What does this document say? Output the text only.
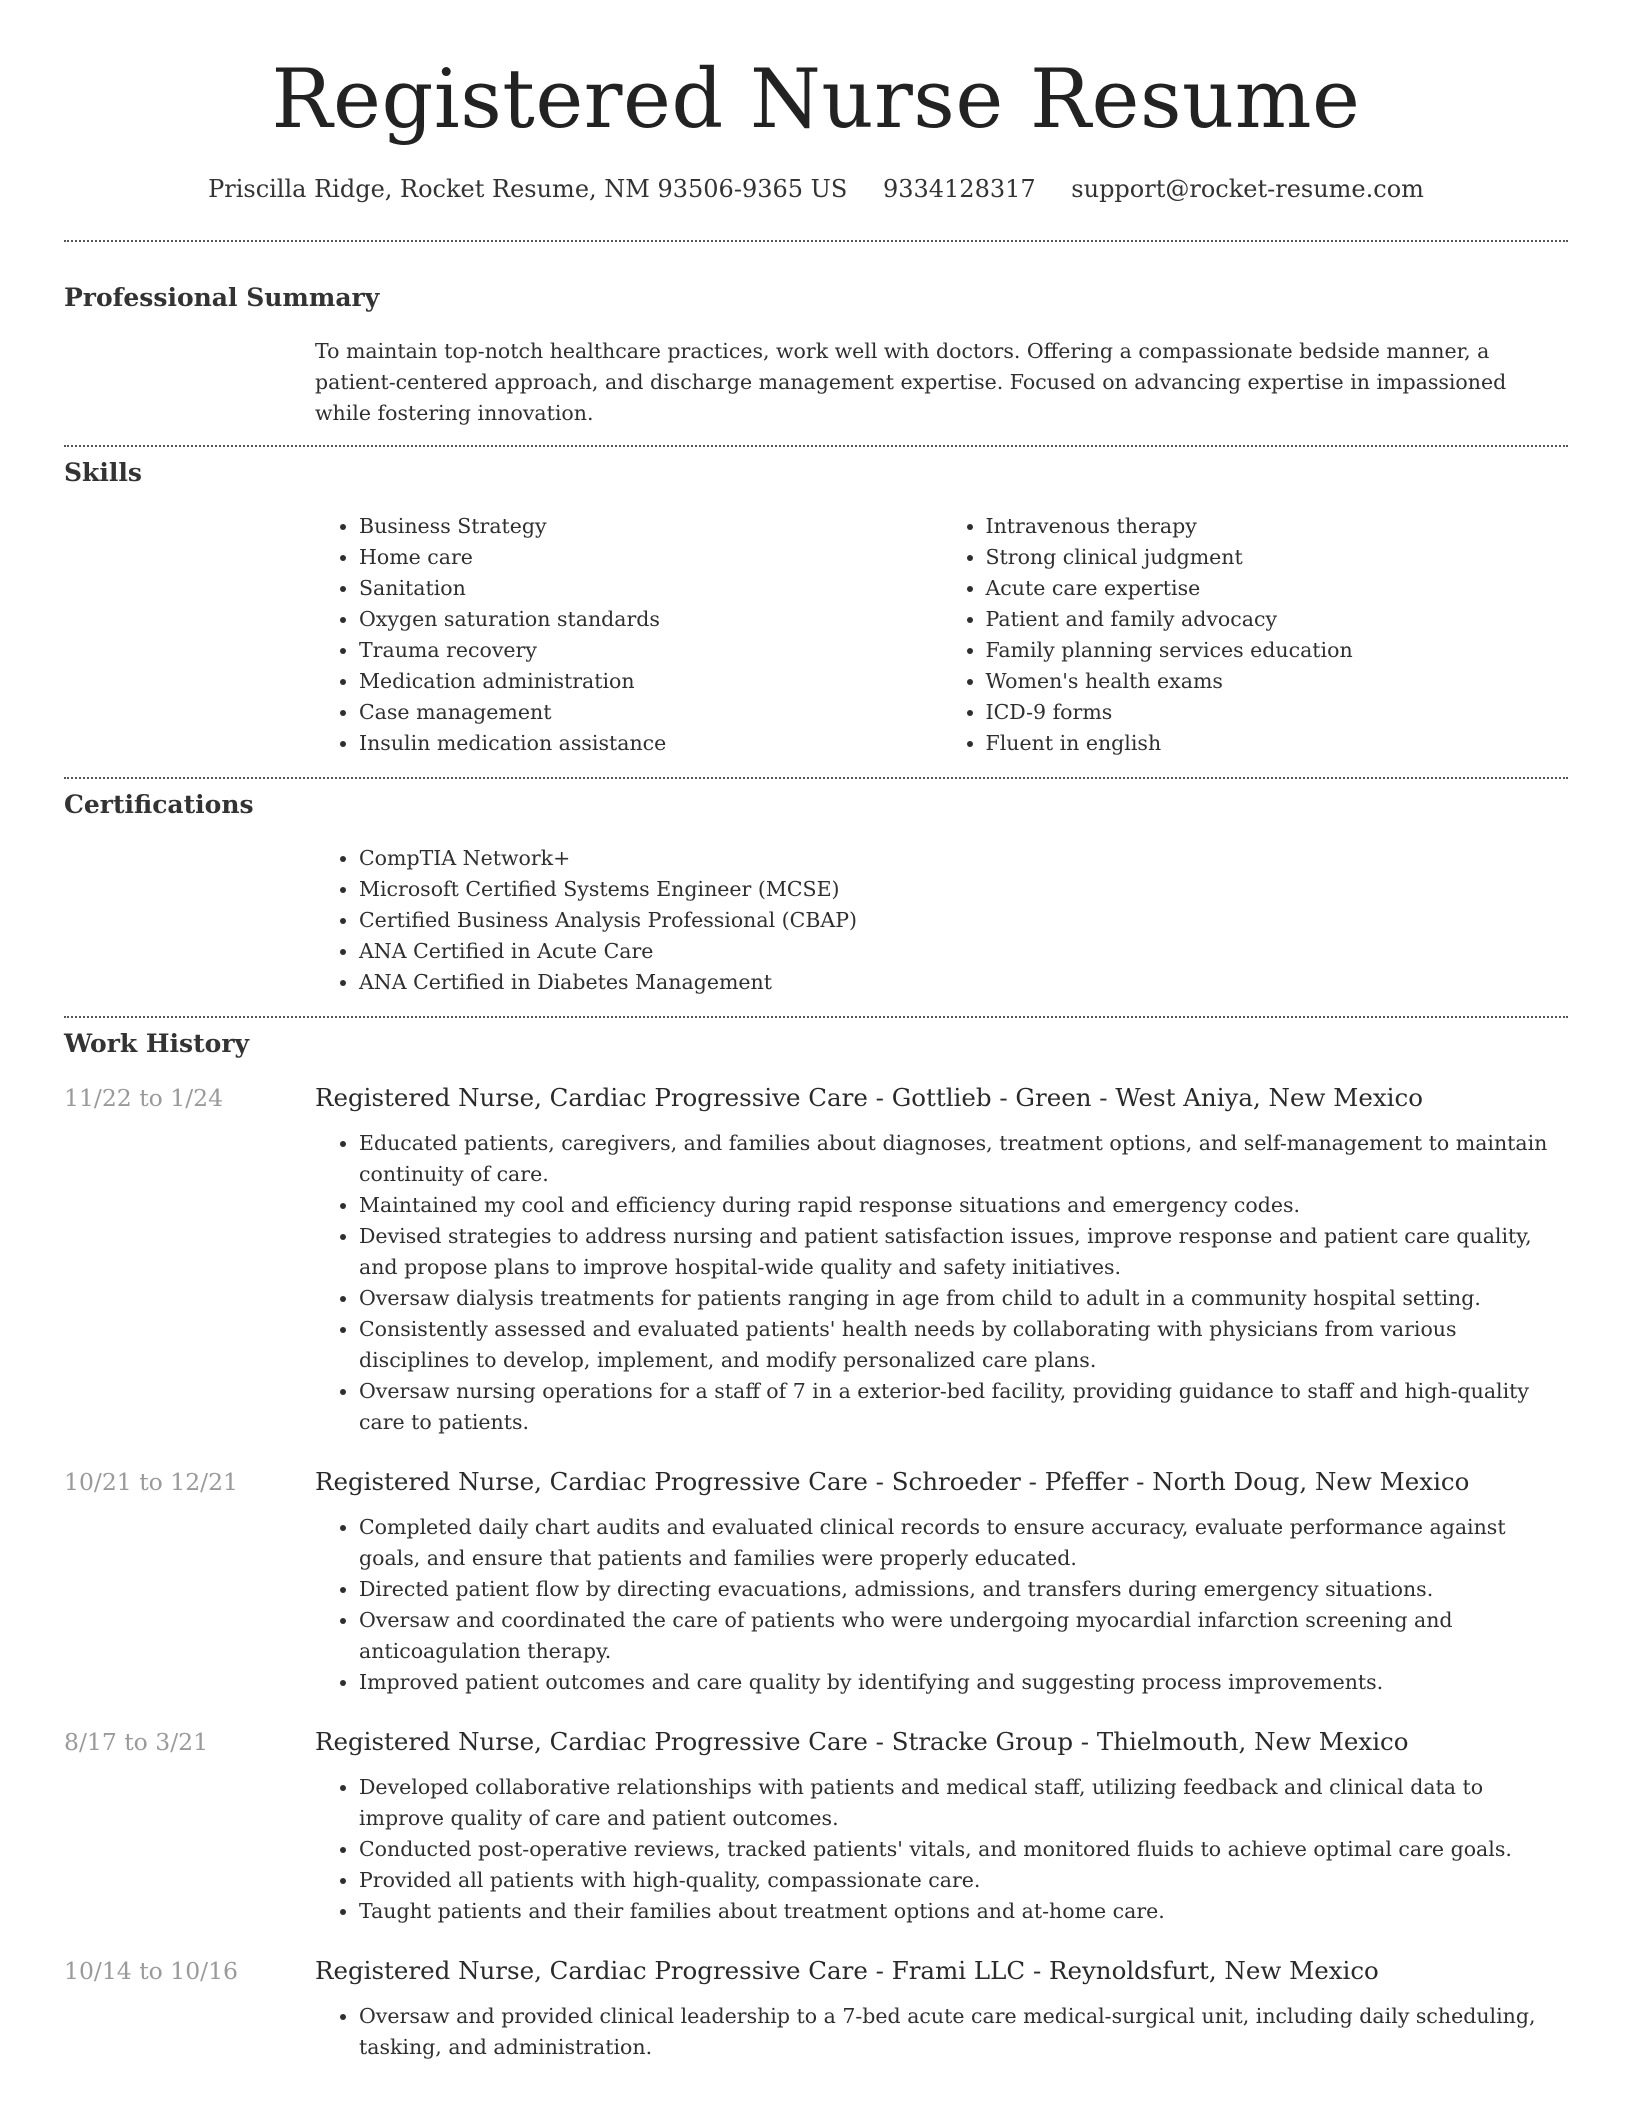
Registered Nurse Resume
Priscilla Ridge, Rocket Resume, NM 93506-9365 US 9334128317 support@rocket-resume.com
Professional Summary
To maintain top-notch healthcare practices, work well with doctors. Offering a compassionate bedside manner, a patient-centered approach, and discharge management expertise. Focused on advancing expertise in impassioned while fostering innovation.
Skills
• Business Strategy
• Home care
• Sanitation
• Oxygen saturation standards
• Trauma recovery
• Medication administration
• Case management
• Insulin medication assistance
• Intravenous therapy
• Strong clinical judgment
• Acute care expertise
• Patient and family advocacy
• Family planning services education
• Women's health exams
• ICD-9 forms
• Fluent in english
Certifications
• CompTIA Network+
• Microsoft Certified Systems Engineer (MCSE)
• Certified Business Analysis Professional (CBAP)
• ANA Certified in Acute Care
• ANA Certified in Diabetes Management
Work History
11/22 to 1/24	Registered Nurse, Cardiac Progressive Care - Gottlieb - Green - West Aniya, New Mexico
• Educated patients, caregivers, and families about diagnoses, treatment options, and self-management to maintain continuity of care.
• Maintained my cool and efficiency during rapid response situations and emergency codes.
• Devised strategies to address nursing and patient satisfaction issues, improve response and patient care quality, and propose plans to improve hospital-wide quality and safety initiatives.
• Oversaw dialysis treatments for patients ranging in age from child to adult in a community hospital setting.
• Consistently assessed and evaluated patients' health needs by collaborating with physicians from various disciplines to develop, implement, and modify personalized care plans.
• Oversaw nursing operations for a staff of 7 in a exterior-bed facility, providing guidance to staff and high-quality care to patients.
10/21 to 12/21	Registered Nurse, Cardiac Progressive Care - Schroeder - Pfeffer - North Doug, New Mexico
• Completed daily chart audits and evaluated clinical records to ensure accuracy, evaluate performance against goals, and ensure that patients and families were properly educated.
• Directed patient flow by directing evacuations, admissions, and transfers during emergency situations.
• Oversaw and coordinated the care of patients who were undergoing myocardial infarction screening and anticoagulation therapy.
• Improved patient outcomes and care quality by identifying and suggesting process improvements.
8/17 to 3/21	Registered Nurse, Cardiac Progressive Care - Stracke Group - Thielmouth, New Mexico
• Developed collaborative relationships with patients and medical staff, utilizing feedback and clinical data to improve quality of care and patient outcomes.
• Conducted post-operative reviews, tracked patients' vitals, and monitored fluids to achieve optimal care goals.
• Provided all patients with high-quality, compassionate care.
• Taught patients and their families about treatment options and at-home care.
10/14 to 10/16	Registered Nurse, Cardiac Progressive Care - Frami LLC - Reynoldsfurt, New Mexico
• Oversaw and provided clinical leadership to a 7-bed acute care medical-surgical unit, including daily scheduling, tasking, and administration.
